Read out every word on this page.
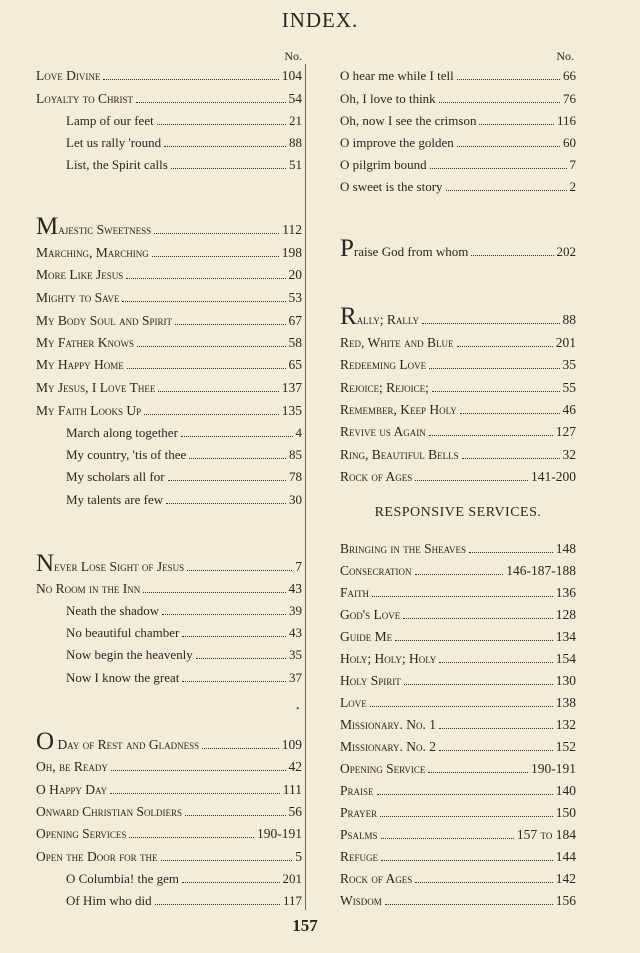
INDEX.
No.	No.
Love Divine	104
Loyalty to Christ	54
Lamp of our feet	21
Let us rally 'round	88
List, the Spirit calls	51
Majestic Sweetness	112
Marching, Marching	198
More Like Jesus	20
Mighty to Save	53
My Body Soul and Spirit	67
My Father Knows	58
My Happy Home	65
My Jesus, I Love Thee	137
My Faith Looks Up	135
March along together	4
My country, 'tis of thee	85
My scholars all for	78
My talents are few	30
Never Lose Sight of Jesus	7
No Room in the Inn	43
Neath the shadow	39
No beautiful chamber	43
Now begin the heavenly	35
Now I know the great	37
O Day of Rest and Gladness	109
Oh, be Ready	42
O Happy Day	111
Onward Christian Soldiers	56
Opening Services	190-191
Open the Door for the	5
O Columbia! the gem	201
Of Him who did	117
RESPONSIVE SERVICES.
O hear me while I tell	66
Oh, I love to think	76
Oh, now I see the crimson	116
O improve the golden	60
O pilgrim bound	7
O sweet is the story	2
Praise God from whom	202
Rally; Rally	88
Red, White and Blue	201
Redeeming Love	35
Rejoice; Rejoice;	55
Remember, Keep Holy	46
Revive us Again	127
Ring, Beautiful Bells	32
Rock of Ages	141-200
Bringing in the Sheaves	148
Consecration	146-187-188
Faith	136
God's Love	128
Guide Me	134
Holy; Holy; Holy	154
Holy Spirit	130
Love	138
Missionary. No. 1	132
Missionary. No. 2	152
Opening Service	190-191
Praise	140
Prayer	150
Psalms	157 to 184
Refuge	144
Rock of Ages	142
Wisdom	156
•
157
